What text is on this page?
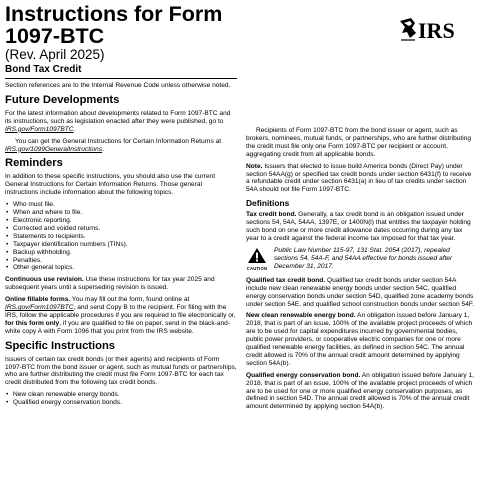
Instructions for Form
1097-BTC
(Rev. April 2025)
Bond Tax Credit
IRS

Section references are to the Internal Revenue Code unless otherwise noted.

Future Developments

For the latest information about developments related to Form 1097-BTC and its instructions, such as legislation enacted after they were published, go to IRS.gov/Form1097BTC.

You can get the General Instructions for Certain Information Returns at IRS.gov/1099GeneralInstructions.

Reminders

In addition to these specific instructions, you should also use the current General Instructions for Certain Information Returns. Those general instructions include information about the following topics.

• Who must file.
• When and where to file.
• Electronic reporting.
• Corrected and voided returns.
• Statements to recipients.
• Taxpayer identification numbers (TINs).
• Backup withholding.
• Penalties.
• Other general topics.

Continuous use revision. Use these instructions for tax year 2025 and subsequent years until a superseding revision is issued.

Online fillable forms. You may fill out the form, found online at IRS.gov/Form1097BTC, and send Copy B to the recipient. For filing with the IRS, follow the applicable procedures if you are required to file electronically or, for this form only, if you are qualified to file on paper, send in the black-and-white copy A with Form 1096 that you print from the IRS website.

Specific Instructions

Issuers of certain tax credit bonds (or their agents) and recipients of Form 1097-BTC from the bond issuer or agent, such as mutual funds or partnerships, who are further distributing the credit must file Form 1097-BTC for each tax credit distributed from the following tax credit bonds.

• New clean renewable energy bonds.
• Qualified energy conservation bonds.

Recipients of Form 1097-BTC from the bond issuer or agent, such as brokers, nominees, mutual funds, or partnerships, who are further distributing the credit must file only one Form 1097-BTC per recipient or account, aggregating credit from all applicable bonds.

Note. Issuers that elected to issue build America bonds (Direct Pay) under section 54AA(g) or specified tax credit bonds under section 6431(f) to receive a refundable credit under section 6431(a) in lieu of tax credits under section 54A should not file Form 1097-BTC.

Definitions

Tax credit bond. Generally, a tax credit bond is an obligation issued under sections 54, 54A, 54AA, 1397E, or 1400N(l) that entitles the taxpayer holding such bond on one or more credit allowance dates occurring during any tax year to a credit against the federal income tax imposed for that tax year.

CAUTION
Public Law Number 115-97, 131 Stat. 2054 (2017), repealed sections 54, 54A-F, and 54AA effective for bonds issued after December 31, 2017.

Qualified tax credit bond. Qualified tax credit bonds under section 54A include new clean renewable energy bonds under section 54C, qualified energy conservation bonds under section 54D, qualified zone academy bonds under section 54E, and qualified school construction bonds under section 54F.

New clean renewable energy bond. An obligation issued before January 1, 2018, that is part of an issue, 100% of the available project proceeds of which are to be used for capital expenditures incurred by governmental bodies, public power providers, or cooperative electric companies for one or more qualified renewable energy facilities, as defined in section 54C. The annual credit allowed is 70% of the annual credit amount determined by applying section 54A(b).

Qualified energy conservation bond. An obligation issued before January 1, 2018, that is part of an issue, 100% of the available project proceeds of which are to be used for one or more qualified energy conservation purposes, as defined in section 54D. The annual credit allowed is 70% of the annual credit amount determined by applying section 54A(b).
